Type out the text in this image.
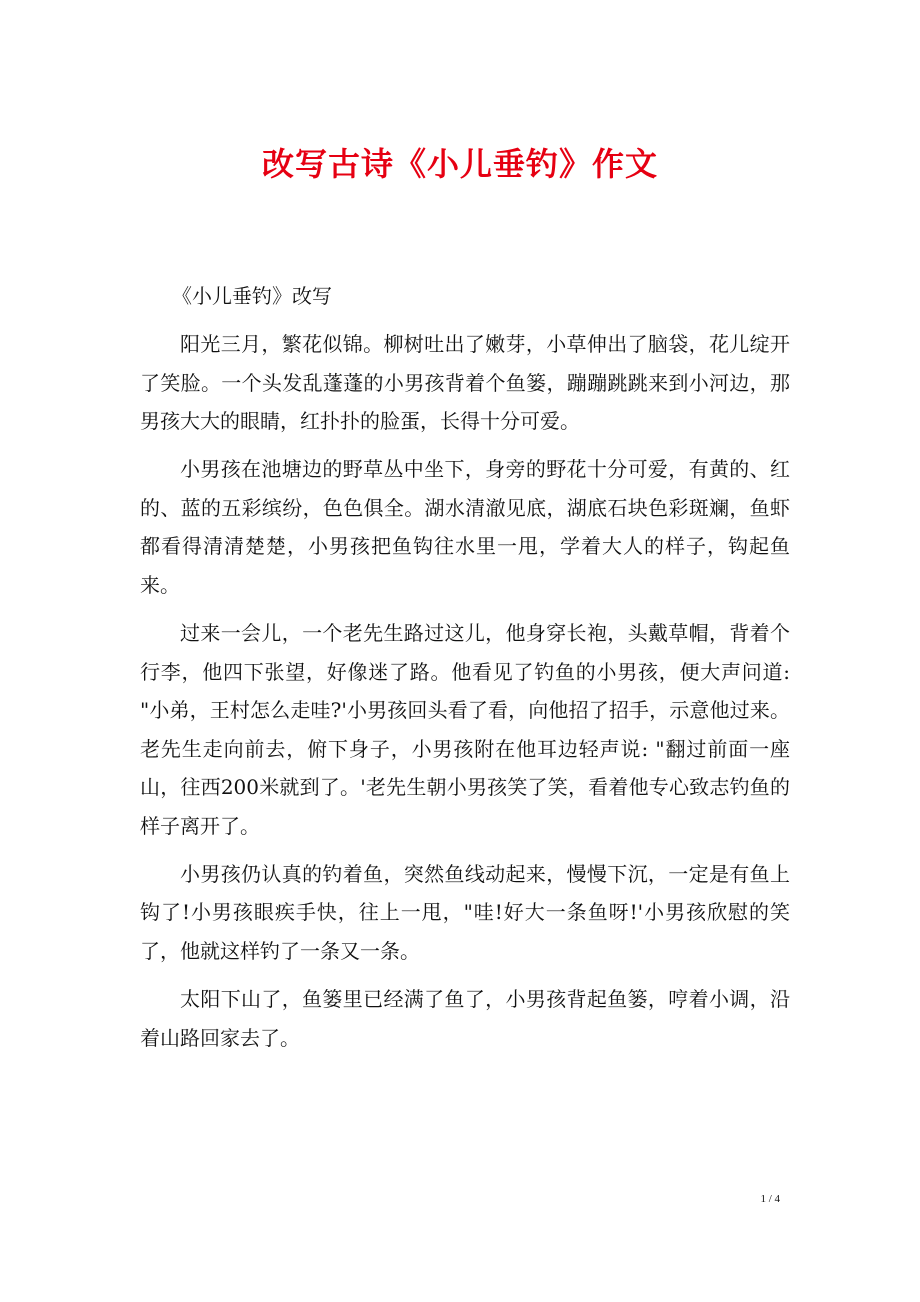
改写古诗《小儿垂钓》作文

《小儿垂钓》改写

阳光三月，繁花似锦。柳树吐出了嫩芽，小草伸出了脑袋，花儿绽开了笑脸。一个头发乱蓬蓬的小男孩背着个鱼篓，蹦蹦跳跳来到小河边，那男孩大大的眼睛，红扑扑的脸蛋，长得十分可爱。

小男孩在池塘边的野草丛中坐下，身旁的野花十分可爱，有黄的、红的、蓝的五彩缤纷，色色俱全。湖水清澈见底，湖底石块色彩斑斓，鱼虾都看得清清楚楚，小男孩把鱼钩往水里一甩，学着大人的样子，钩起鱼来。

过来一会儿，一个老先生路过这儿，他身穿长袍，头戴草帽，背着个行李，他四下张望，好像迷了路。他看见了钓鱼的小男孩，便大声问道: "小弟，王村怎么走哇?'小男孩回头看了看，向他招了招手，示意他过来。老先生走向前去，俯下身子，小男孩附在他耳边轻声说: "翻过前面一座山，往西200米就到了。'老先生朝小男孩笑了笑，看着他专心致志钓鱼的样子离开了。

小男孩仍认真的钓着鱼，突然鱼线动起来，慢慢下沉，一定是有鱼上钩了!小男孩眼疾手快，往上一甩，"哇!好大一条鱼呀!'小男孩欣慰的笑了，他就这样钓了一条又一条。

太阳下山了，鱼篓里已经满了鱼了，小男孩背起鱼篓，哼着小调，沿着山路回家去了。

1 / 4
